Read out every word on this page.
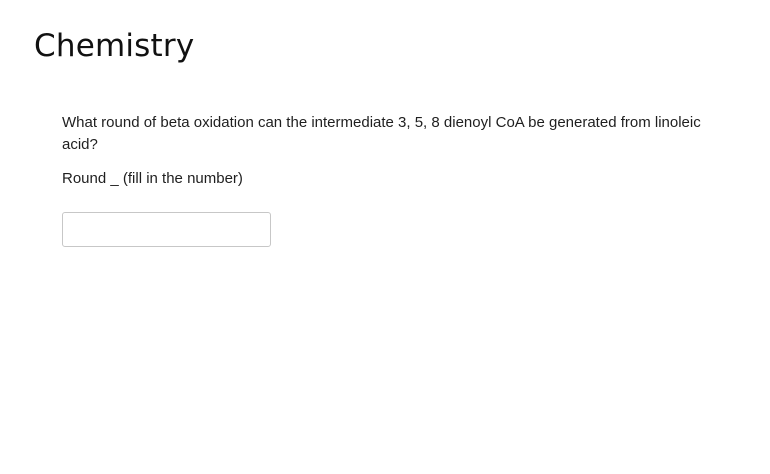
Chemistry

What round of beta oxidation can the intermediate 3, 5, 8 dienoyl CoA be generated from linoleic acid?

Round _ (fill in the number)
